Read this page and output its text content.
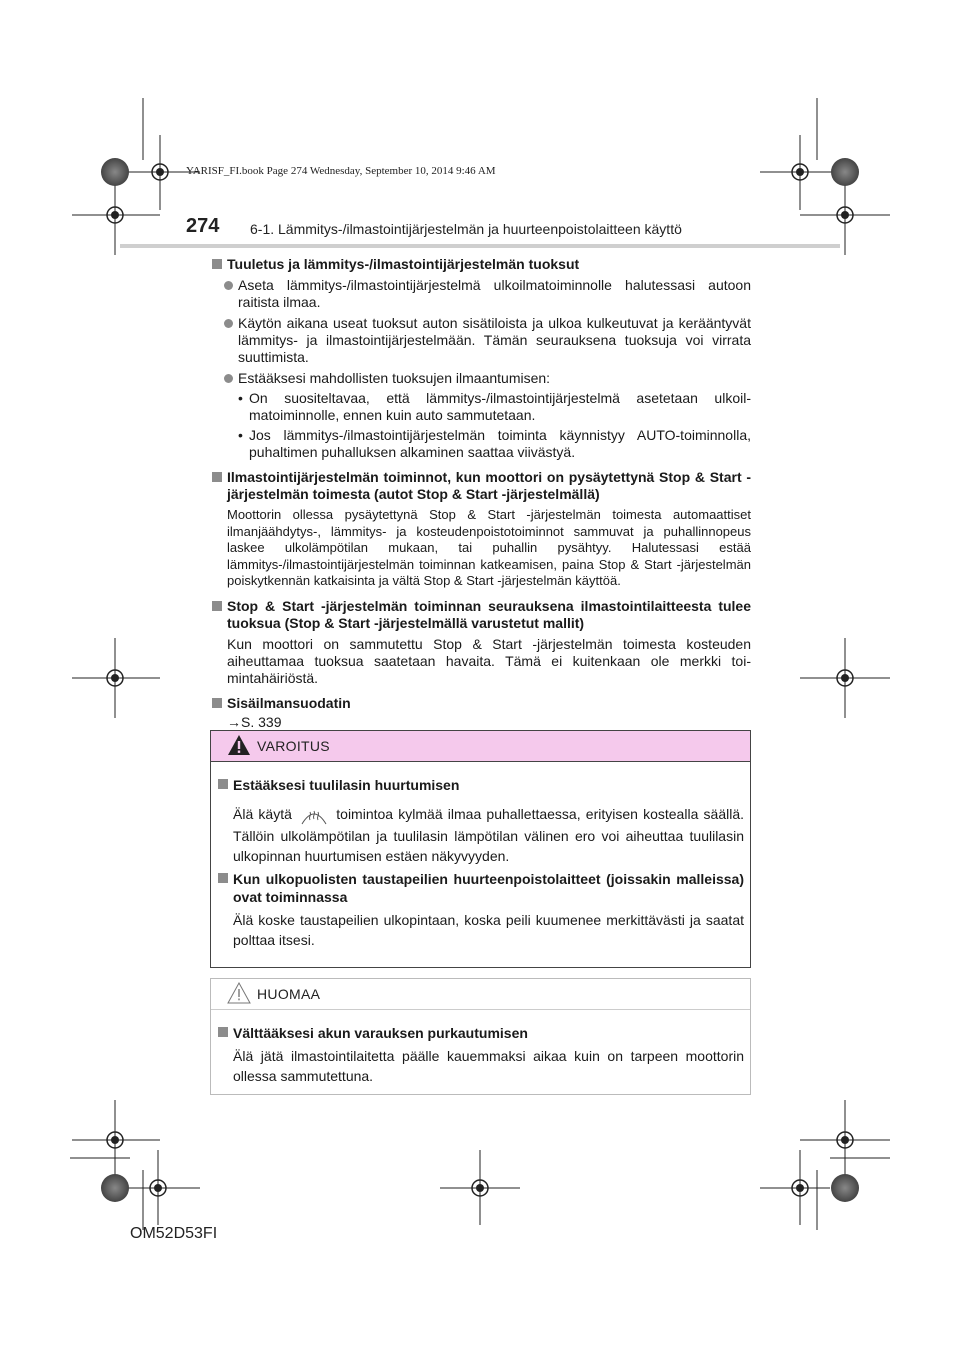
YARISF_FI.book Page 274 Wednesday, September 10, 2014 9:46 AM
274 6-1. Lämmitys-/ilmastointijärjestelmän ja huurteenpoistolaitteen käyttö
Tuuletus ja lämmitys-/ilmastointijärjestelmän tuoksut
Aseta lämmitys-/ilmastointijärjestelmä ulkoilmatoiminnolle halutessasi autoon raitista ilmaa.
Käytön aikana useat tuoksut auton sisätiloista ja ulkoa kulkeutuvat ja kerääntyvät lämmitys- ja ilmastointijärjestelmään. Tämän seurauksena tuoksuja voi virrata suuttimista.
Estääksesi mahdollisten tuoksujen ilmaantumisen:
• On suositeltavaa, että lämmitys-/ilmastointijärjestelmä asetetaan ulkoilmatoiminnolle, ennen kuin auto sammutetaan.
• Jos lämmitys-/ilmastointijärjestelmän toiminta käynnistyy AUTO-toiminnolla, puhaltimen puhalluksen alkaminen saattaa viivästyä.
Ilmastointijärjestelmän toiminnot, kun moottori on pysäytettynä Stop & Start -järjestelmän toimesta (autot Stop & Start -järjestelmällä)
Moottorin ollessa pysäytettynä Stop & Start -järjestelmän toimesta automaattiset ilmanjäähdytys-, lämmitys- ja kosteudenpoistotoiminnot sammuvat ja puhallinnopeus laskee ulkolämpötilan mukaan, tai puhallin pysähtyy. Halutessasi estää lämmitys-/ilmastointijärjestelmän toiminnan katkeamisen, paina Stop & Start -järjestelmän poiskytkennän katkaisinta ja vältä Stop & Start -järjestelmän käyttöä.
Stop & Start -järjestelmän toiminnan seurauksena ilmastointilaitteesta tulee tuoksua (Stop & Start -järjestelmällä varustetut mallit)
Kun moottori on sammutettu Stop & Start -järjestelmän toimesta kosteuden aiheuttamaa tuoksua saatetaan havaita. Tämä ei kuitenkaan ole merkki toimintahäiriöstä.
Sisäilmansuodatin
→S. 339
VAROITUS
Estääksesi tuulilasin huurtumisen
Älä käytä	toimintoa kylmää ilmaa puhallettaessa, erityisen kostealla säällä. Tällöin ulkolämpötilan ja tuulilasin lämpötilan välinen ero voi aiheuttaa tuulilasin ulkopinnan huurtumisen estäen näkyvyyden.
Kun ulkopuolisten taustapeilien huurteenpoistolaitteet (joissakin malleissa) ovat toiminnassa
Älä koske taustapeilien ulkopintaan, koska peili kuumenee merkittävästi ja saatat polttaa itsesi.
HUOMAA
Välttääksesi akun varauksen purkautumisen
Älä jätä ilmastointilaitetta päälle kauemmaksi aikaa kuin on tarpeen moottorin ollessa sammutettuna.
OM52D53FI
